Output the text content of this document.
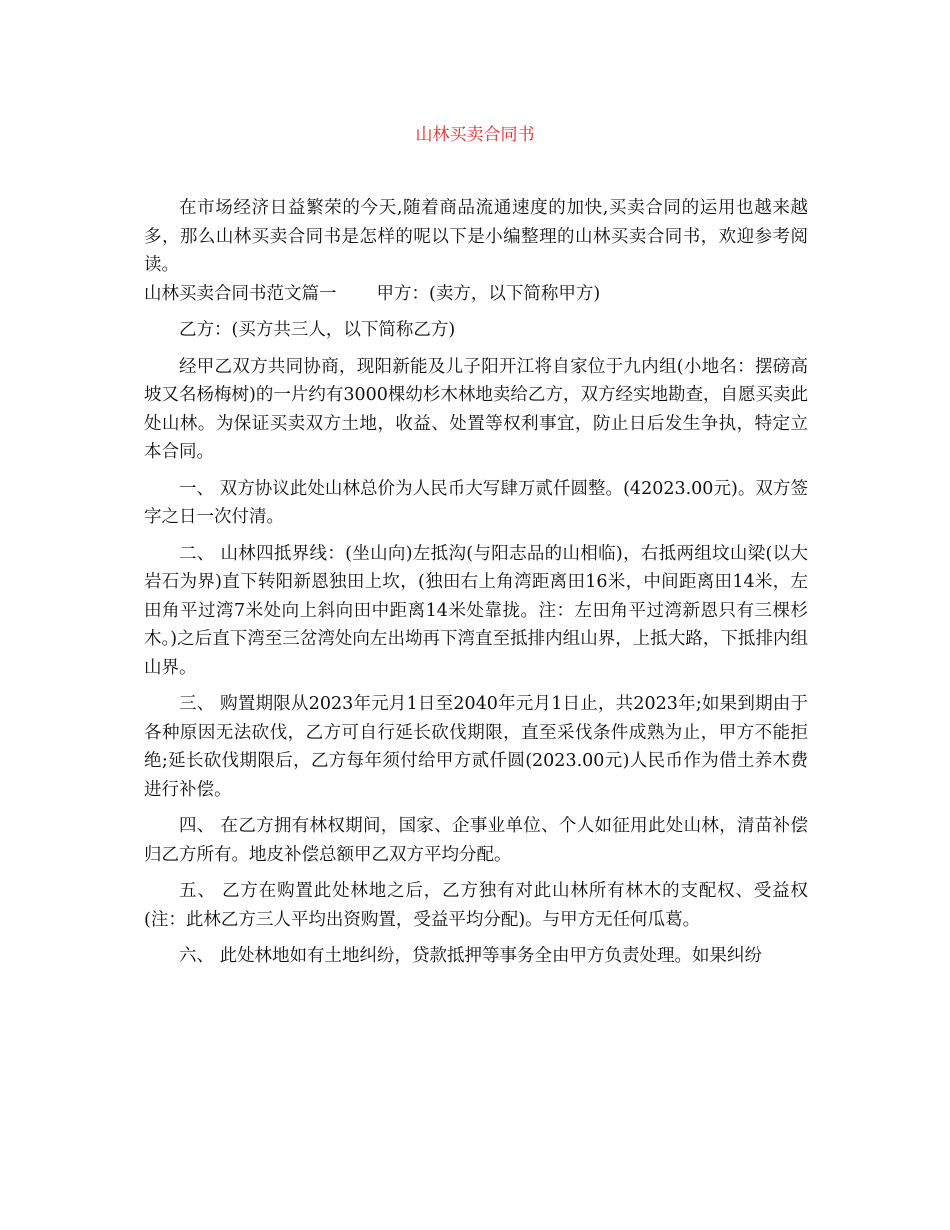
山林买卖合同书

在市场经济日益繁荣的今天,随着商品流通速度的加快,买卖合同的运用也越来越多，那么山林买卖合同书是怎样的呢以下是小编整理的山林买卖合同书，欢迎参考阅读。

山林买卖合同书范文篇一 甲方：(卖方，以下简称甲方)

乙方：(买方共三人，以下简称乙方)

经甲乙双方共同协商，现阳新能及儿子阳开江将自家位于九内组(小地名：摆磅高坡又名杨梅树)的一片约有3000棵幼杉木林地卖给乙方，双方经实地勘查，自愿买卖此处山林。为保证买卖双方土地，收益、处置等权利事宜，防止日后发生争执，特定立本合同。

一、 双方协议此处山林总价为人民币大写肆万贰仟圆整。(42023.00元)。双方签字之日一次付清。

二、 山林四抵界线：(坐山向)左抵沟(与阳志品的山相临)，右抵两组坟山梁(以大岩石为界)直下转阳新恩独田上坎，(独田右上角湾距离田16米，中间距离田14米，左田角平过湾7米处向上斜向田中距离14米处靠拢。注：左田角平过湾新恩只有三棵杉木。)之后直下湾至三岔湾处向左出坳再下湾直至抵排内组山界，上抵大路，下抵排内组山界。

三、 购置期限从2023年元月1日至2040年元月1日止，共2023年;如果到期由于各种原因无法砍伐，乙方可自行延长砍伐期限，直至采伐条件成熟为止，甲方不能拒绝;延长砍伐期限后，乙方每年须付给甲方贰仟圆(2023.00元)人民币作为借土养木费进行补偿。

四、 在乙方拥有林权期间，国家、企事业单位、个人如征用此处山林，清苗补偿归乙方所有。地皮补偿总额甲乙双方平均分配。

五、 乙方在购置此处林地之后，乙方独有对此山林所有林木的支配权、受益权(注：此林乙方三人平均出资购置，受益平均分配)。与甲方无任何瓜葛。

六、 此处林地如有土地纠纷，贷款抵押等事务全由甲方负责处理。如果纠纷
